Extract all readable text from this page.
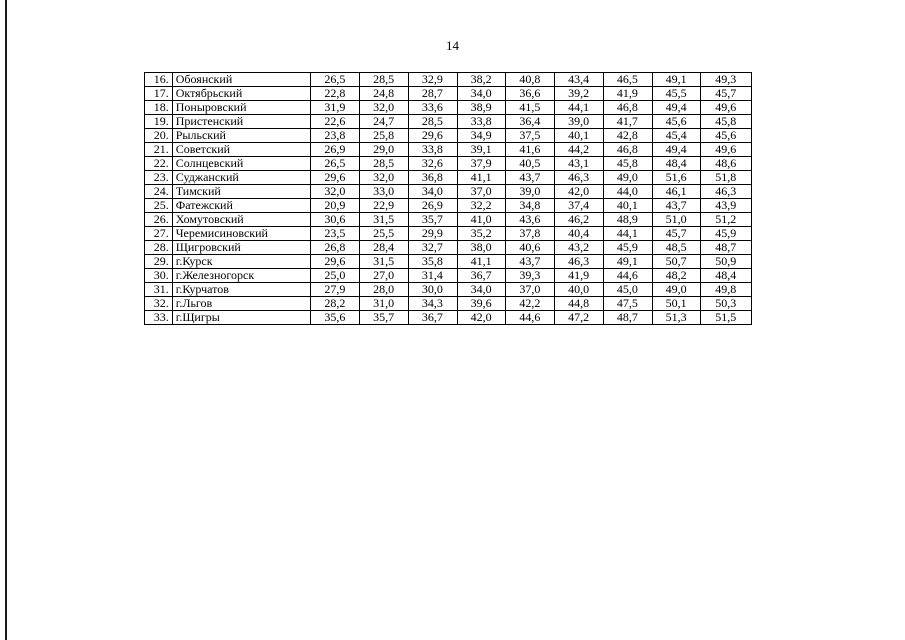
14
16.	Обоянский	26,5	28,5	32,9	38,2	40,8	43,4	46,5	49,1	49,3
17.	Октябрьский	22,8	24,8	28,7	34,0	36,6	39,2	41,9	45,5	45,7
18.	Поныровский	31,9	32,0	33,6	38,9	41,5	44,1	46,8	49,4	49,6
19.	Пристенский	22,6	24,7	28,5	33,8	36,4	39,0	41,7	45,6	45,8
20.	Рыльский	23,8	25,8	29,6	34,9	37,5	40,1	42,8	45,4	45,6
21.	Советский	26,9	29,0	33,8	39,1	41,6	44,2	46,8	49,4	49,6
22.	Солнцевский	26,5	28,5	32,6	37,9	40,5	43,1	45,8	48,4	48,6
23.	Суджанский	29,6	32,0	36,8	41,1	43,7	46,3	49,0	51,6	51,8
24.	Тимский	32,0	33,0	34,0	37,0	39,0	42,0	44,0	46,1	46,3
25.	Фатежский	20,9	22,9	26,9	32,2	34,8	37,4	40,1	43,7	43,9
26.	Хомутовский	30,6	31,5	35,7	41,0	43,6	46,2	48,9	51,0	51,2
27.	Черемисиновский	23,5	25,5	29,9	35,2	37,8	40,4	44,1	45,7	45,9
28.	Щигровский	26,8	28,4	32,7	38,0	40,6	43,2	45,9	48,5	48,7
29.	г.Курск	29,6	31,5	35,8	41,1	43,7	46,3	49,1	50,7	50,9
30.	г.Железногорск	25,0	27,0	31,4	36,7	39,3	41,9	44,6	48,2	48,4
31.	г.Курчатов	27,9	28,0	30,0	34,0	37,0	40,0	45,0	49,0	49,8
32.	г.Льгов	28,2	31,0	34,3	39,6	42,2	44,8	47,5	50,1	50,3
33.	г.Щигры	35,6	35,7	36,7	42,0	44,6	47,2	48,7	51,3	51,5
